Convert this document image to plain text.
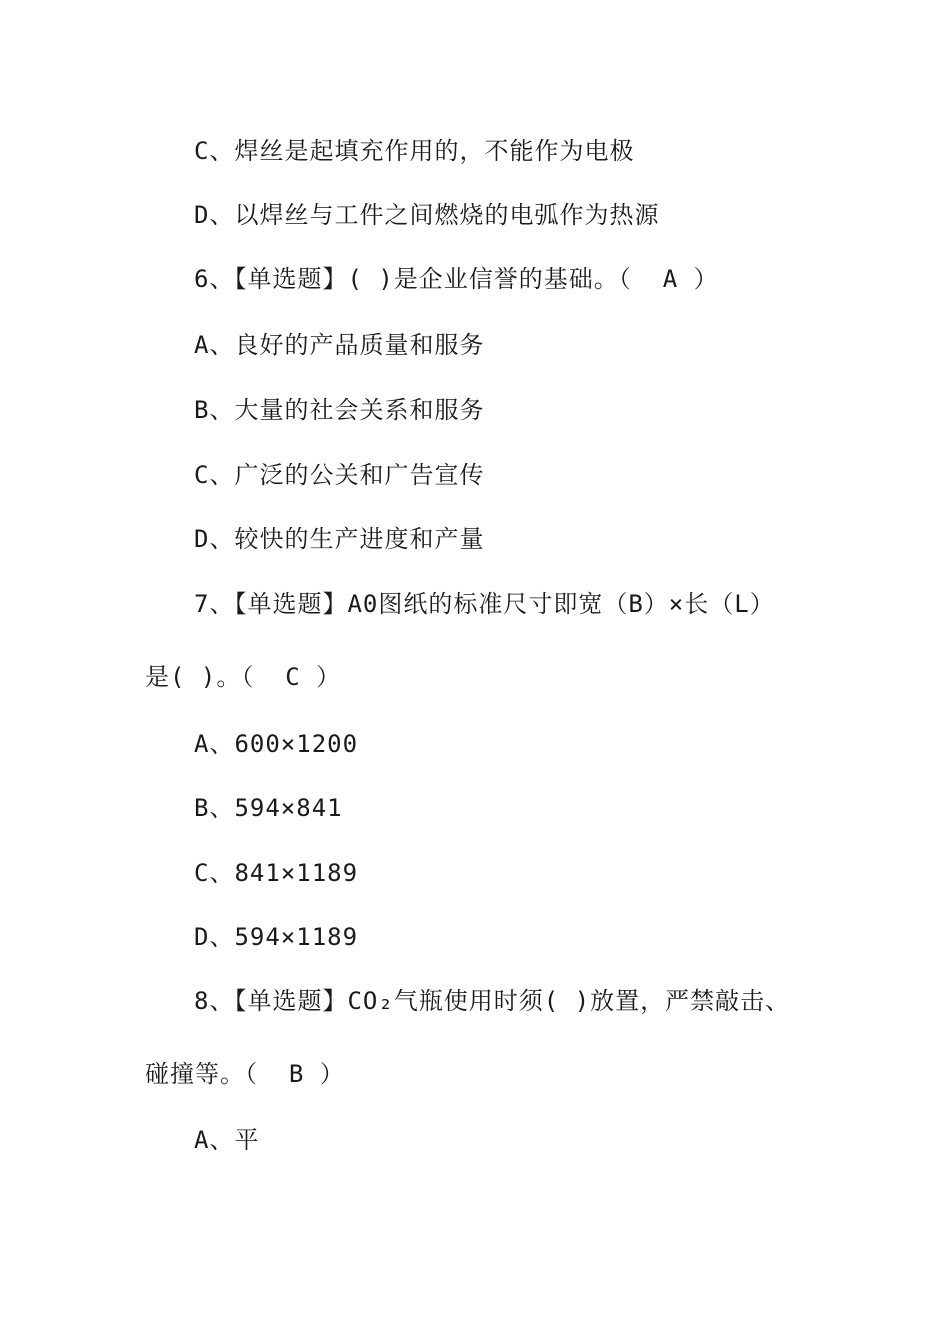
C、焊丝是起填充作用的，不能作为电极
D、以焊丝与工件之间燃烧的电弧作为热源
6、【单选题】( )是企业信誉的基础。（  A ）
A、良好的产品质量和服务
B、大量的社会关系和服务
C、广泛的公关和广告宣传
D、较快的生产进度和产量
7、【单选题】A0图纸的标准尺寸即宽（B）×长（L）
是( )。（  C ）
A、600×1200
B、594×841
C、841×1189
D、594×1189
8、【单选题】CO₂气瓶使用时须( )放置，严禁敲击、
碰撞等。（  B ）
A、平
